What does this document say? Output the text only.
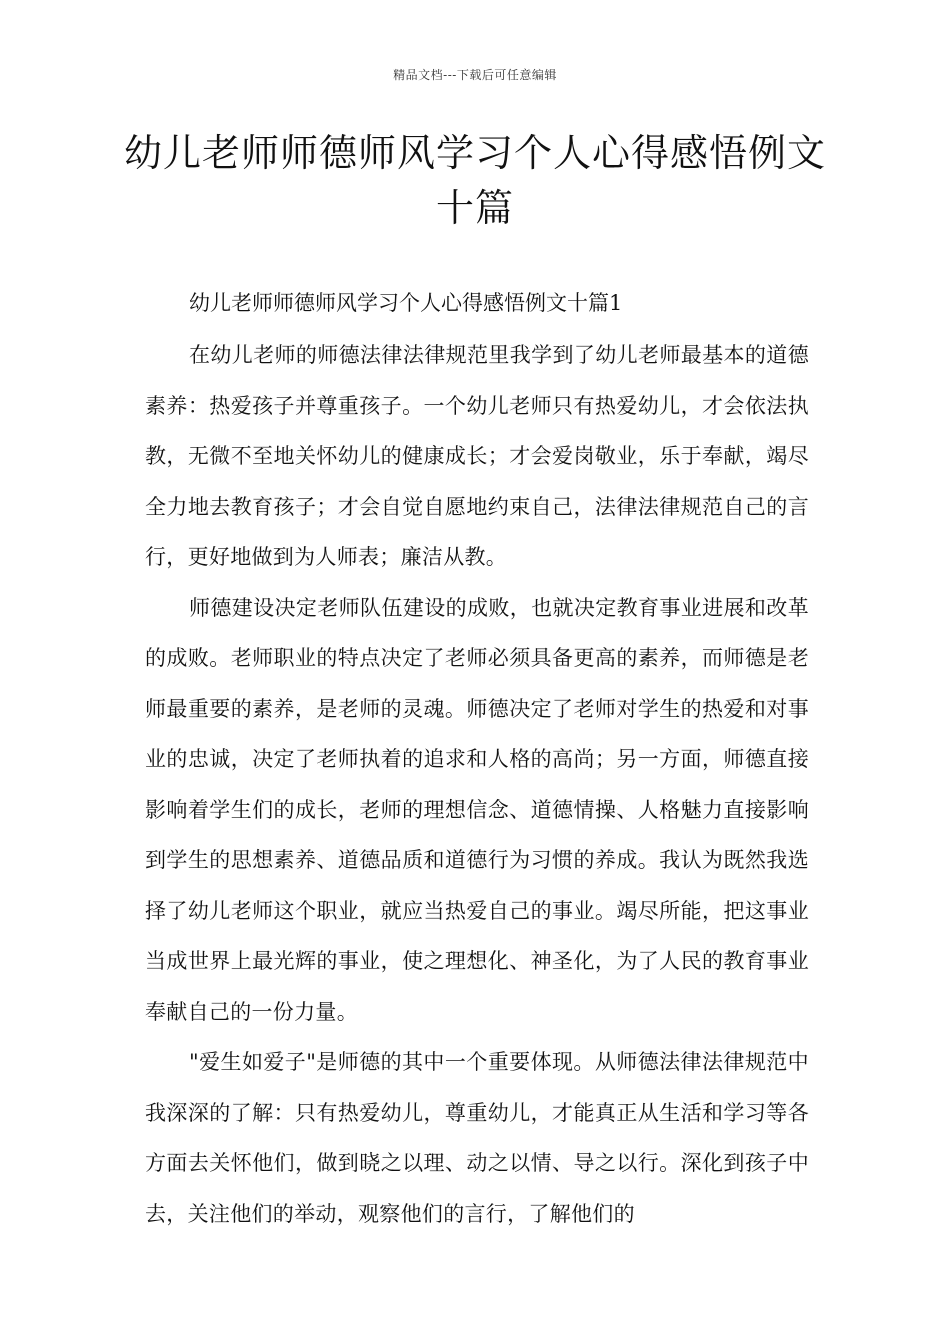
精品文档---下载后可任意编辑
幼儿老师师德师风学习个人心得感悟例文十篇

幼儿老师师德师风学习个人心得感悟例文十篇1

在幼儿老师的师德法律法律规范里我学到了幼儿老师最基本的道德素养：热爱孩子并尊重孩子。一个幼儿老师只有热爱幼儿，才会依法执教，无微不至地关怀幼儿的健康成长；才会爱岗敬业，乐于奉献，竭尽全力地去教育孩子；才会自觉自愿地约束自己，法律法律规范自己的言行，更好地做到为人师表；廉洁从教。

师德建设决定老师队伍建设的成败，也就决定教育事业进展和改革的成败。老师职业的特点决定了老师必须具备更高的素养，而师德是老师最重要的素养，是老师的灵魂。师德决定了老师对学生的热爱和对事业的忠诚，决定了老师执着的追求和人格的高尚；另一方面，师德直接影响着学生们的成长，老师的理想信念、道德情操、人格魅力直接影响到学生的思想素养、道德品质和道德行为习惯的养成。我认为既然我选择了幼儿老师这个职业，就应当热爱自己的事业。竭尽所能，把这事业当成世界上最光辉的事业，使之理想化、神圣化，为了人民的教育事业奉献自己的一份力量。

"爱生如爱子"是师德的其中一个重要体现。从师德法律法律规范中我深深的了解：只有热爱幼儿，尊重幼儿，才能真正从生活和学习等各方面去关怀他们，做到晓之以理、动之以情、导之以行。深化到孩子中去，关注他们的举动，观察他们的言行，了解他们的
